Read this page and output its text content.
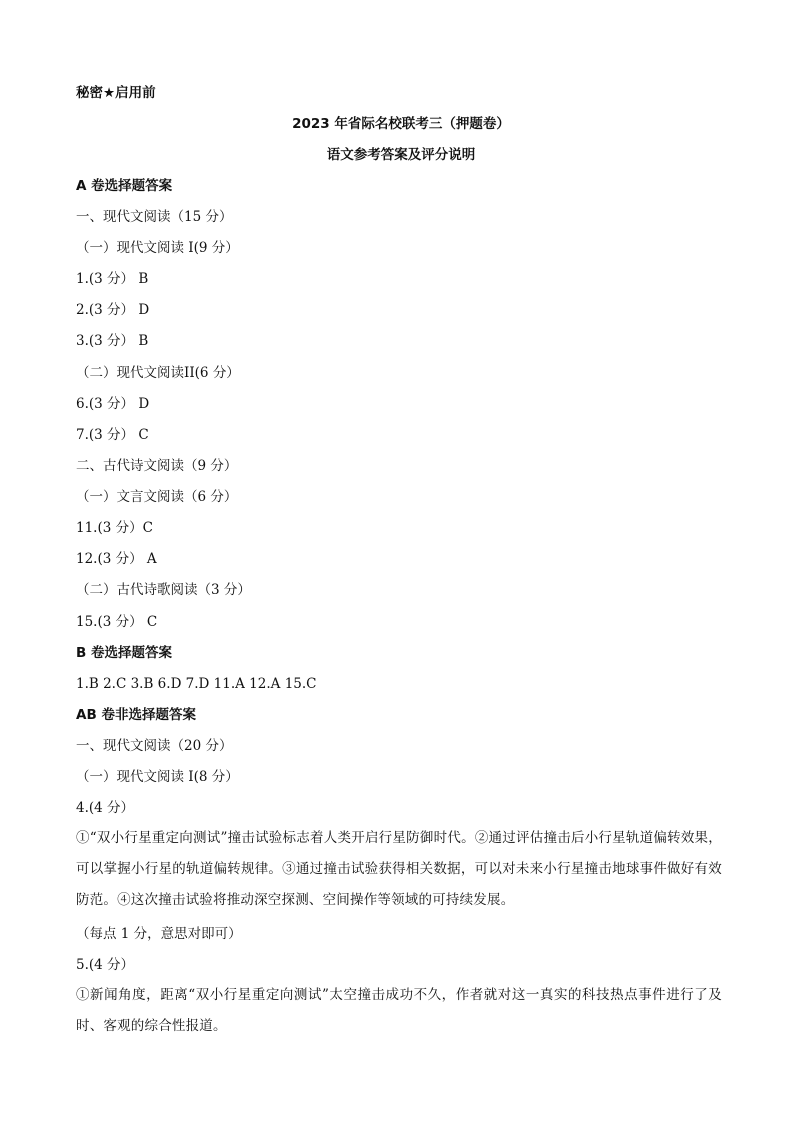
秘密★启用前
2023 年省际名校联考三（押题卷）
语文参考答案及评分说明
A 卷选择题答案
一、现代文阅读（15 分）
（一）现代文阅读 I(9 分）
1.(3 分） B
2.(3 分） D
3.(3 分） B
（二）现代文阅读II(6 分）
6.(3 分） D
7.(3 分） C
二、古代诗文阅读（9 分）
（一）文言文阅读（6 分）
11.(3 分）C
12.(3 分） A
（二）古代诗歌阅读（3 分）
15.(3 分） C
B 卷选择题答案
1.B 2.C 3.B 6.D 7.D 11.A 12.A 15.C
AB 卷非选择题答案
一、现代文阅读（20 分）
（一）现代文阅读 I(8 分）
4.(4 分）
①“双小行星重定向测试”撞击试验标志着人类开启行星防御时代。②通过评估撞击后小行星轨道偏转效果，可以掌握小行星的轨道偏转规律。③通过撞击试验获得相关数据，可以对未来小行星撞击地球事件做好有效防范。④这次撞击试验将推动深空探测、空间操作等领域的可持续发展。
（每点 1 分，意思对即可）
5.(4 分）
①新闻角度，距离“双小行星重定向测试”太空撞击成功不久，作者就对这一真实的科技热点事件进行了及时、客观的综合性报道。
